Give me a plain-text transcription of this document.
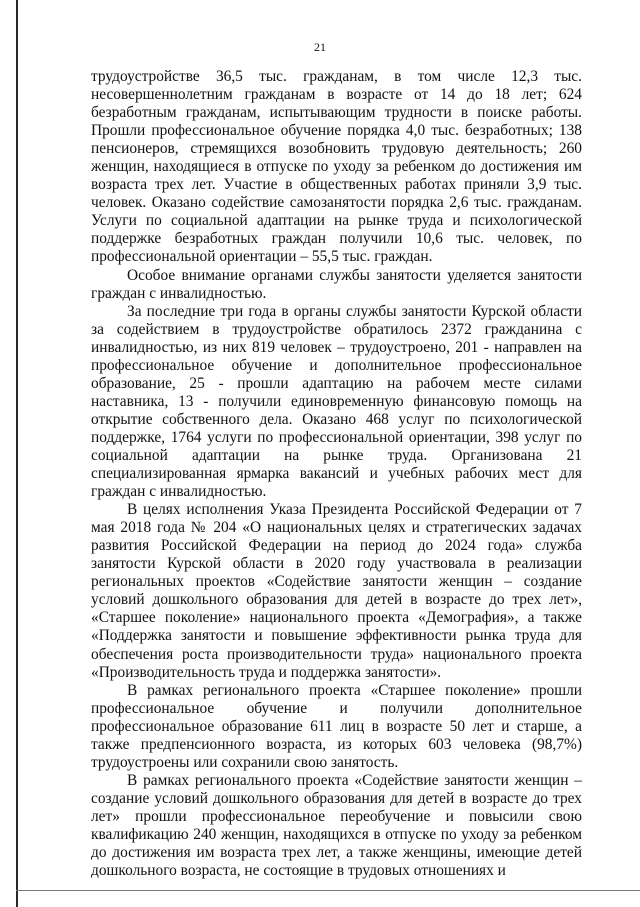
21

трудоустройстве 36,5 тыс. гражданам, в том числе 12,3 тыс. несовершеннолетним гражданам в возрасте от 14 до 18 лет; 624 безработным гражданам, испытывающим трудности в поиске работы. Прошли профессиональное обучение порядка 4,0 тыс. безработных; 138 пенсионеров, стремящихся возобновить трудовую деятельность; 260 женщин, находящиеся в отпуске по уходу за ребенком до достижения им возраста трех лет. Участие в общественных работах приняли 3,9 тыс. человек. Оказано содействие самозанятости порядка 2,6 тыс. гражданам. Услуги по социальной адаптации на рынке труда и психологической поддержке безработных граждан получили 10,6 тыс. человек, по профессиональной ориентации – 55,5 тыс. граждан.

Особое внимание органами службы занятости уделяется занятости граждан с инвалидностью.

За последние три года в органы службы занятости Курской области за содействием в трудоустройстве обратилось 2372 гражданина с инвалидностью, из них 819 человек – трудоустроено, 201 - направлен на профессиональное обучение и дополнительное профессиональное образование, 25 - прошли адаптацию на рабочем месте силами наставника, 13 - получили единовременную финансовую помощь на открытие собственного дела. Оказано 468 услуг по психологической поддержке, 1764 услуги по профессиональной ориентации, 398 услуг по социальной адаптации на рынке труда. Организована 21 специализированная ярмарка вакансий и учебных рабочих мест для граждан с инвалидностью.

В целях исполнения Указа Президента Российской Федерации от 7 мая 2018 года № 204 «О национальных целях и стратегических задачах развития Российской Федерации на период до 2024 года» служба занятости Курской области в 2020 году участвовала в реализации региональных проектов «Содействие занятости женщин – создание условий дошкольного образования для детей в возрасте до трех лет», «Старшее поколение» национального проекта «Демография», а также «Поддержка занятости и повышение эффективности рынка труда для обеспечения роста производительности труда» национального проекта «Производительность труда и поддержка занятости».

В рамках регионального проекта «Старшее поколение» прошли профессиональное обучение и получили дополнительное профессиональное образование 611 лиц в возрасте 50 лет и старше, а также предпенсионного возраста, из которых 603 человека (98,7%) трудоустроены или сохранили свою занятость.

В рамках регионального проекта «Содействие занятости женщин – создание условий дошкольного образования для детей в возрасте до трех лет» прошли профессиональное переобучение и повысили свою квалификацию 240 женщин, находящихся в отпуске по уходу за ребенком до достижения им возраста трех лет, а также женщины, имеющие детей дошкольного возраста, не состоящие в трудовых отношениях и
